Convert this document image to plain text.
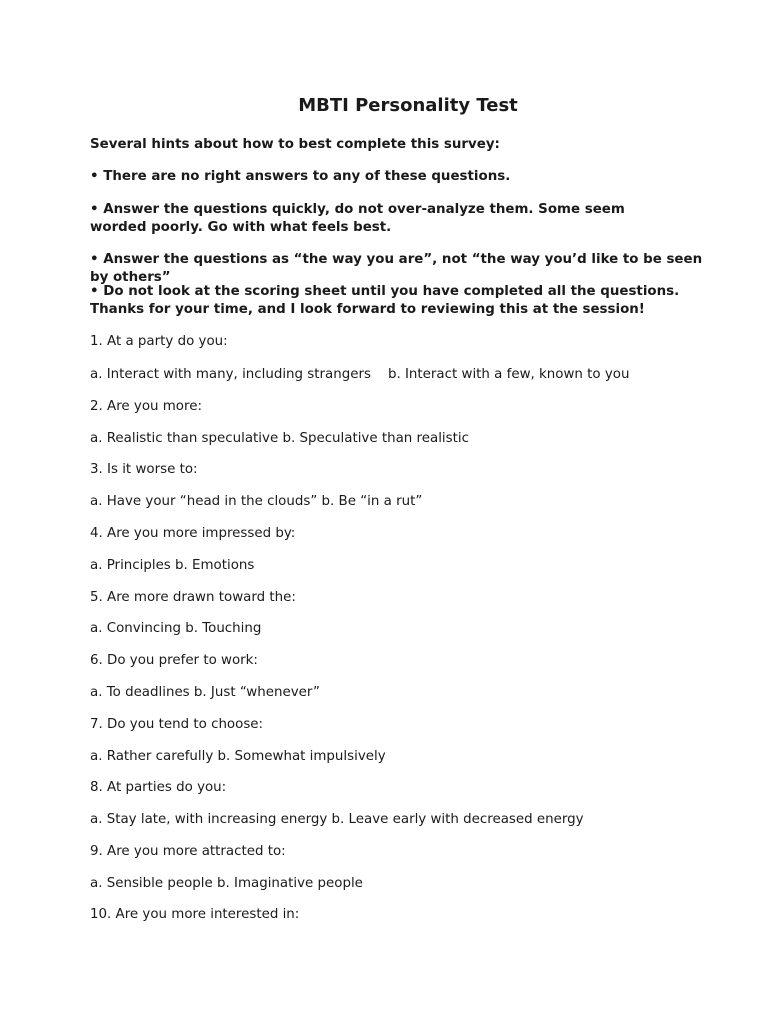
MBTI Personality Test

Several hints about how to best complete this survey:

• There are no right answers to any of these questions.

• Answer the questions quickly, do not over-analyze them. Some seem worded poorly. Go with what feels best.

• Answer the questions as “the way you are”, not “the way you’d like to be seen by others”

• Do not look at the scoring sheet until you have completed all the questions. Thanks for your time, and I look forward to reviewing this at the session!

1. At a party do you:

a. Interact with many, including strangers    b. Interact with a few, known to you

2. Are you more:

a. Realistic than speculative b. Speculative than realistic

3. Is it worse to:

a. Have your “head in the clouds” b. Be “in a rut”

4. Are you more impressed by:

a. Principles b. Emotions

5. Are more drawn toward the:

a. Convincing b. Touching

6. Do you prefer to work:

a. To deadlines b. Just “whenever”

7. Do you tend to choose:

a. Rather carefully b. Somewhat impulsively

8. At parties do you:

a. Stay late, with increasing energy b. Leave early with decreased energy

9. Are you more attracted to:

a. Sensible people b. Imaginative people

10. Are you more interested in:
